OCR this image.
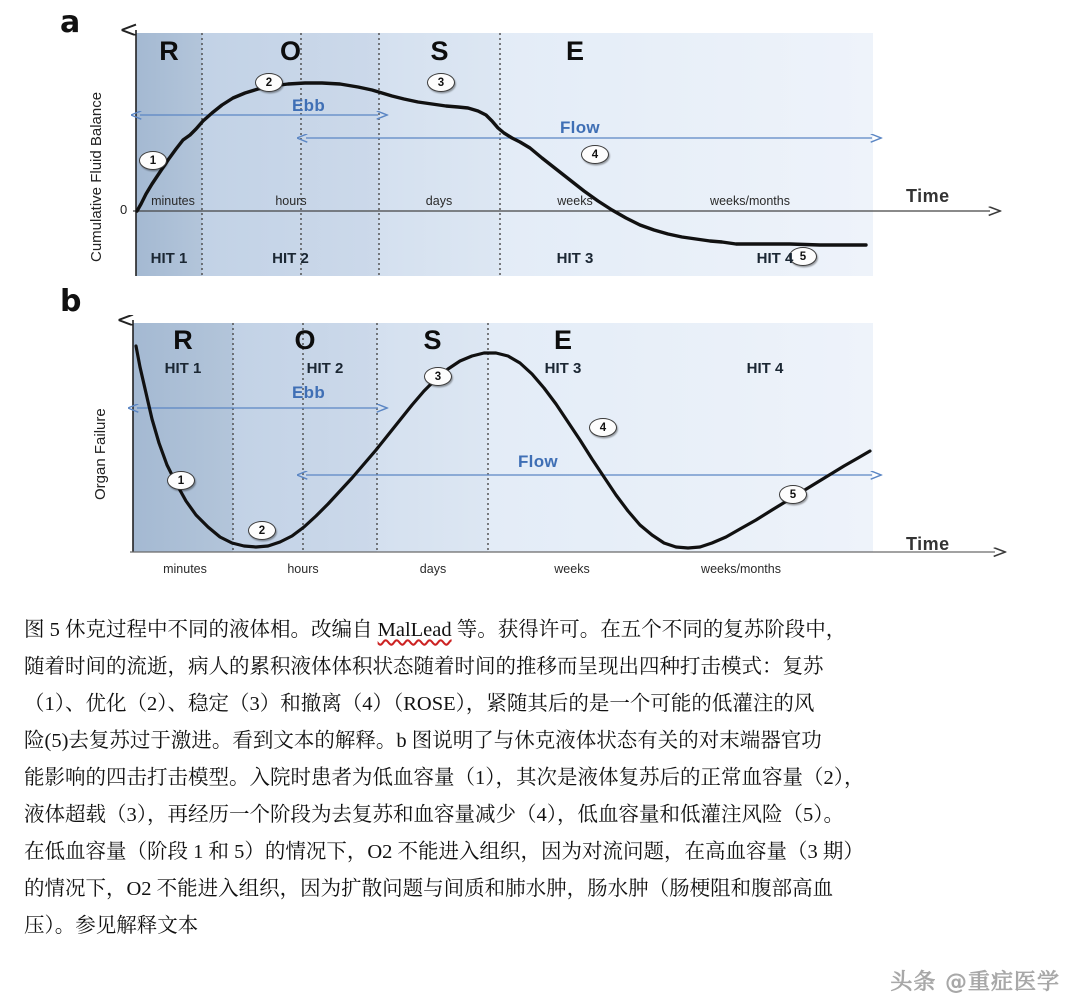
a
Cumulative Fluid Balance 0
R	O	S	E
1
2	3
4
5
Ebb
Flow
minutes	hours	days	weeks	weeks/months	Time
HIT 1	HIT 2	HIT 3	HIT 4
b
Organ Failure
R	O	S	E
HIT 1	HIT 2	HIT 3	HIT 4
1
2
3
4
5
Ebb
Flow
minutes	hours	days	weeks	weeks/months
Time
图 5 休克过程中不同的液体相。改编自 MalLead 等。获得许可。在五个不同的复苏阶段中，
随着时间的流逝，病人的累积液体体积状态随着时间的推移而呈现出四种打击模式：复苏
（1）、优化（2）、稳定（3）和撤离（4）（ROSE），紧随其后的是一个可能的低灌注的风
险(5)去复苏过于激进。看到文本的解释。b 图说明了与休克液体状态有关的对末端器官功
能影响的四击打击模型。入院时患者为低血容量（1），其次是液体复苏后的正常血容量（2），
液体超载（3），再经历一个阶段为去复苏和血容量减少（4），低血容量和低灌注风险（5）。
在低血容量（阶段 1 和 5）的情况下，O2 不能进入组织，因为对流问题，在高血容量（3 期）
的情况下，O2 不能进入组织，因为扩散问题与间质和肺水肿，肠水肿（肠梗阻和腹部高血
压）。参见解释文本
头条 @重症医学
